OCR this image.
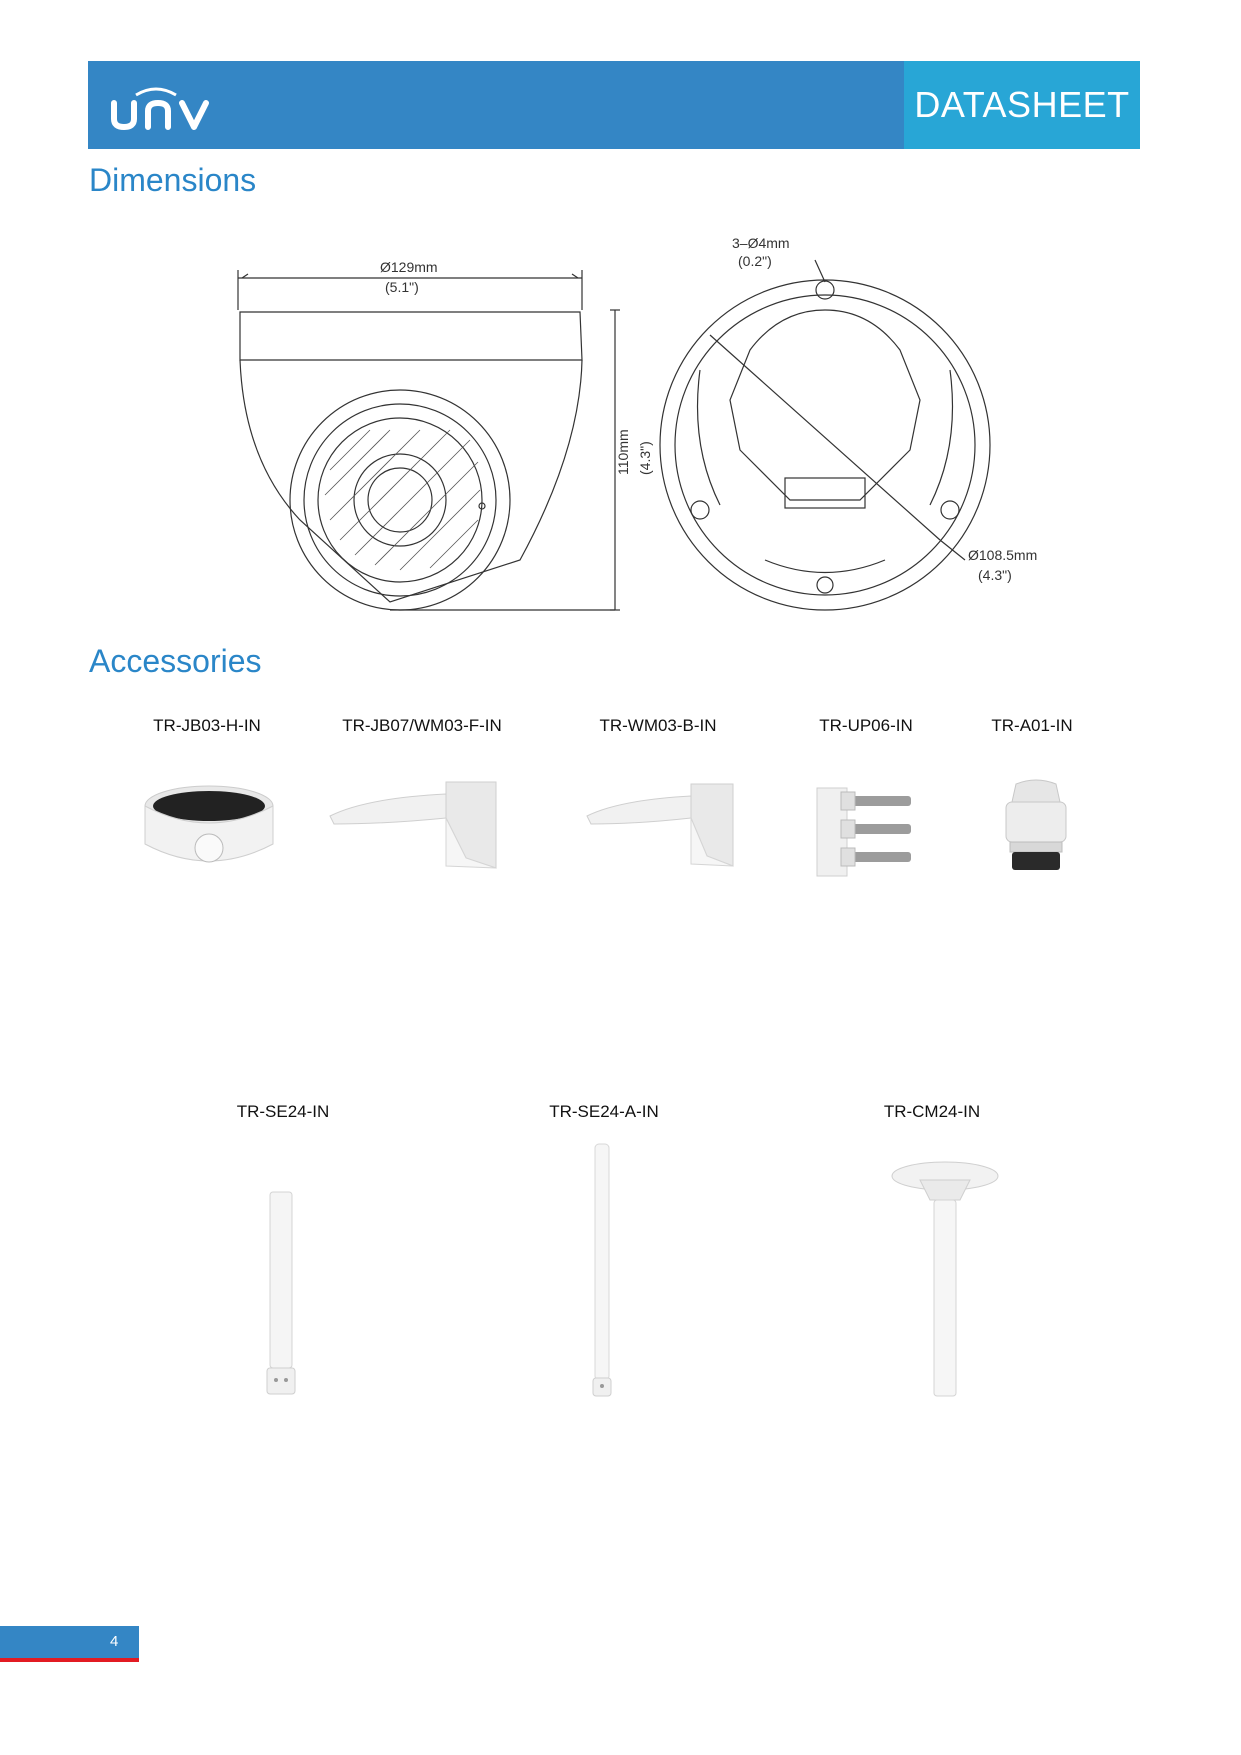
DATASHEET
Dimensions
Ø129mm
(5.1")
110mm (4.3")
3–Ø4mm
(0.2")
Ø108.5mm
(4.3")
Accessories
TR-JB03-H-IN	TR-JB07/WM03-F-IN	TR-WM03-B-IN	TR-UP06-IN	TR-A01-IN
TR-SE24-IN	TR-SE24-A-IN	TR-CM24-IN
4
